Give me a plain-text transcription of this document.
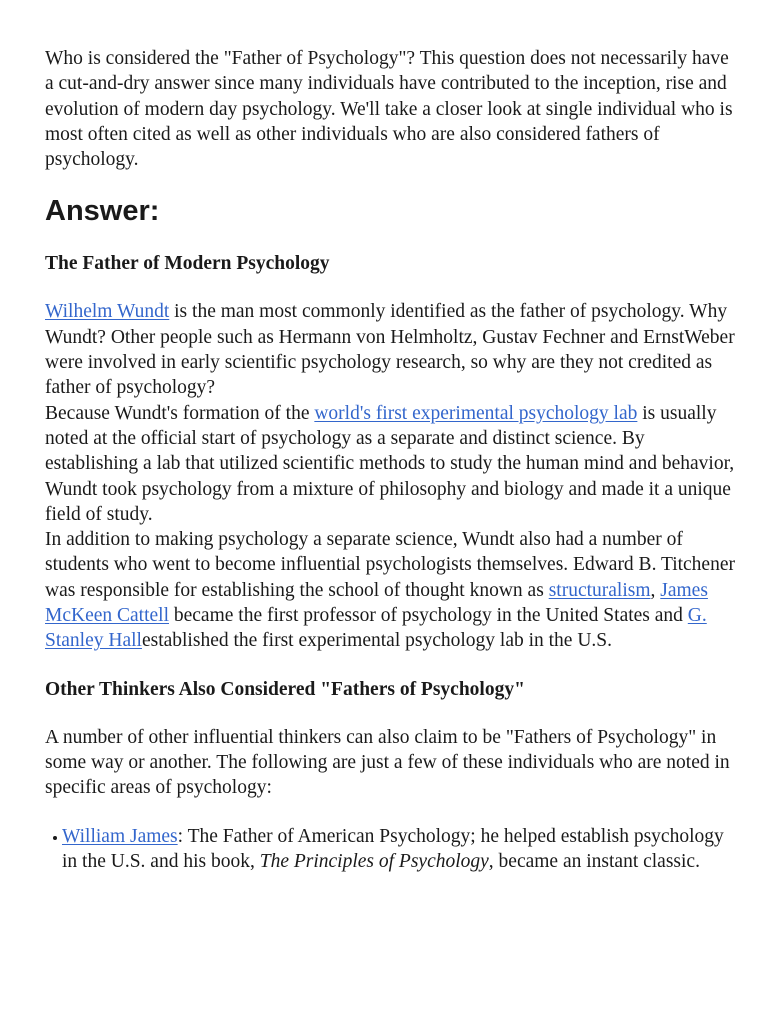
Who is considered the "Father of Psychology"? This question does not necessarily have a cut-and-dry answer since many individuals have contributed to the inception, rise and evolution of modern day psychology. We'll take a closer look at single individual who is most often cited as well as other individuals who are also considered fathers of psychology.

Answer:
The Father of Modern Psychology

Wilhelm Wundt is the man most commonly identified as the father of psychology. Why Wundt? Other people such as Hermann von Helmholtz, Gustav Fechner and ErnstWeber were involved in early scientific psychology research, so why are they not credited as father of psychology?

Because Wundt's formation of the world's first experimental psychology lab is usually noted at the official start of psychology as a separate and distinct science. By establishing a lab that utilized scientific methods to study the human mind and behavior, Wundt took psychology from a mixture of philosophy and biology and made it a unique field of study.

In addition to making psychology a separate science, Wundt also had a number of students who went to become influential psychologists themselves. Edward B. Titchener was responsible for establishing the school of thought known as structuralism, James McKeen Cattell became the first professor of psychology in the United States and G. Stanley Hallestablished the first experimental psychology lab in the U.S.

Other Thinkers Also Considered "Fathers of Psychology"

A number of other influential thinkers can also claim to be "Fathers of Psychology" in some way or another. The following are just a few of these individuals who are noted in specific areas of psychology:

William James: The Father of American Psychology; he helped establish psychology in the U.S. and his book, The Principles of Psychology, became an instant classic.
